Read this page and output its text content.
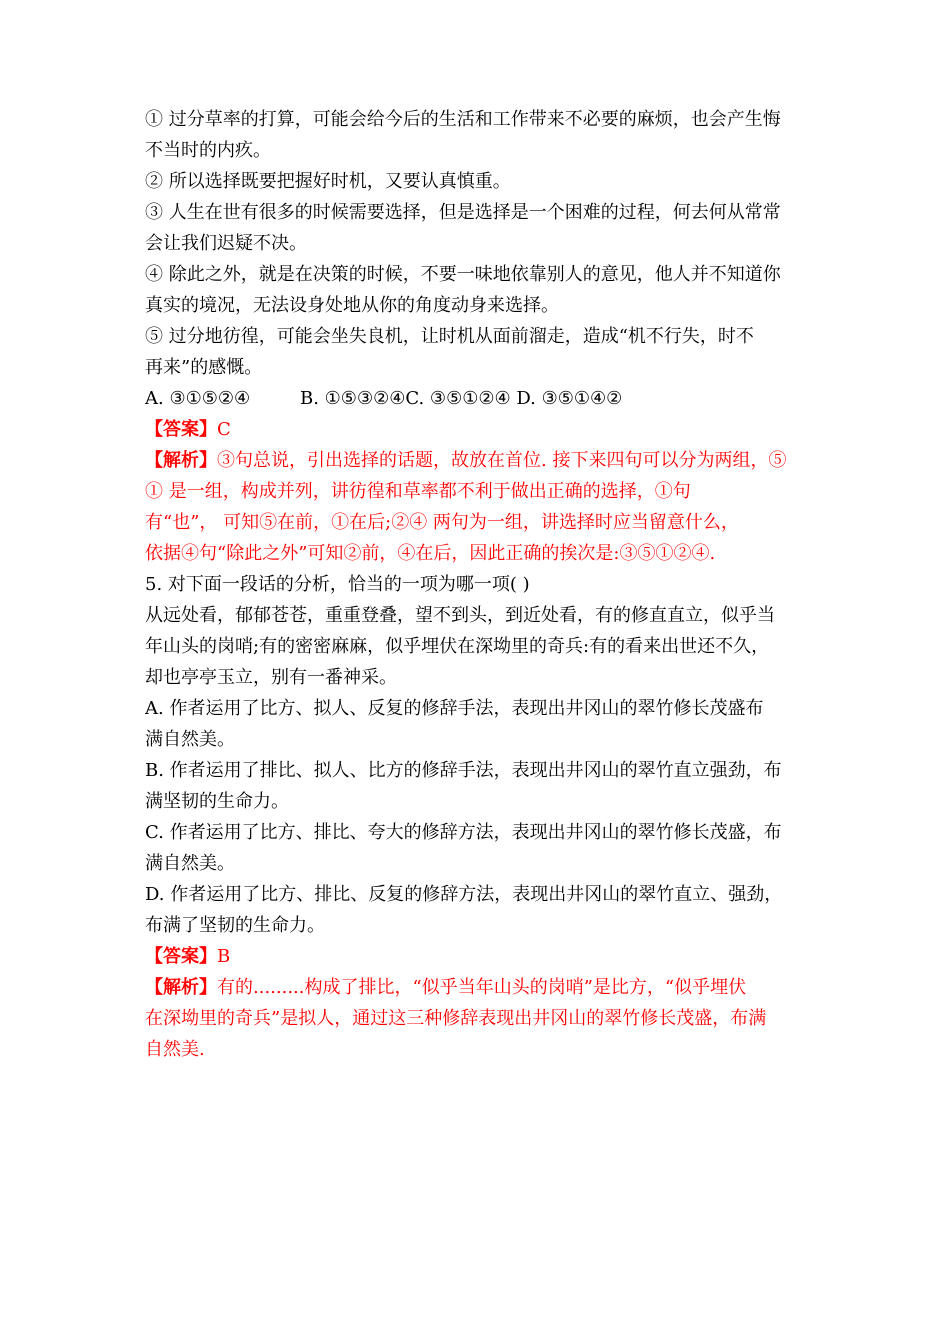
① 过分草率的打算，可能会给今后的生活和工作带来不必要的麻烦，也会产生悔
不当时的内疚。
② 所以选择既要把握好时机，又要认真慎重。
③ 人生在世有很多的时候需要选择，但是选择是一个困难的过程，何去何从常常
会让我们迟疑不决。
④ 除此之外，就是在决策的时候，不要一味地依靠别人的意见，他人并不知道你
真实的境况，无法设身处地从你的角度动身来选择。
⑤ 过分地彷徨，可能会坐失良机，让时机从面前溜走，造成“机不行失，时不
再来”的感慨。
A. ③①⑤②④	B. ①⑤③②④C. ③⑤①②④ D. ③⑤①④②
【答案】C
【解析】③句总说，引出选择的话题，故放在首位. 接下来四句可以分为两组，⑤
① 是一组，构成并列，讲彷徨和草率都不利于做出正确的选择，①句
有“也”， 可知⑤在前，①在后;②④ 两句为一组，讲选择时应当留意什么，
依据④句“除此之外”可知②前，④在后，因此正确的挨次是:③⑤①②④.
5. 对下面一段话的分析，恰当的一项为哪一项( )
从远处看，郁郁苍苍，重重登叠，望不到头，到近处看，有的修直直立，似乎当
年山头的岗哨;有的密密麻麻，似乎埋伏在深坳里的奇兵:有的看来出世还不久，
却也亭亭玉立，别有一番神采。
A. 作者运用了比方、拟人、反复的修辞手法，表现出井冈山的翠竹修长茂盛布
满自然美。
B. 作者运用了排比、拟人、比方的修辞手法，表现出井冈山的翠竹直立强劲，布
满坚韧的生命力。
C. 作者运用了比方、排比、夸大的修辞方法，表现出井冈山的翠竹修长茂盛，布
满自然美。
D. 作者运用了比方、排比、反复的修辞方法，表现出井冈山的翠竹直立、强劲，
布满了坚韧的生命力。
【答案】B
【解析】有的.........构成了排比，“似乎当年山头的岗哨”是比方，“似乎埋伏
在深坳里的奇兵”是拟人，通过这三种修辞表现出井冈山的翠竹修长茂盛，布满
自然美.
